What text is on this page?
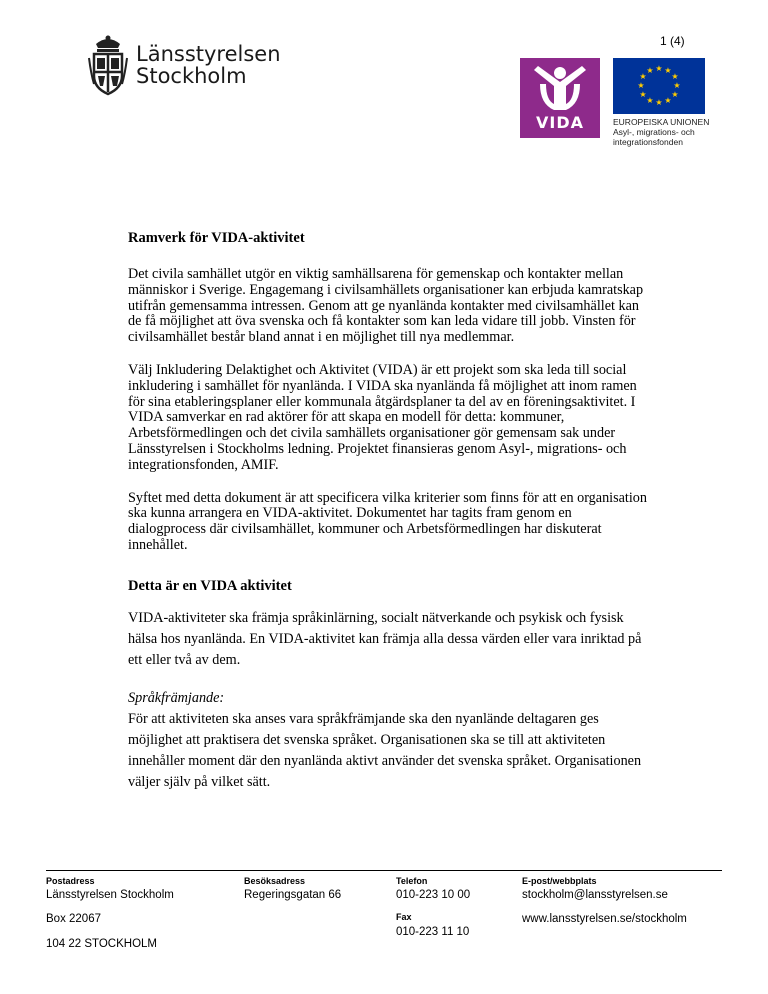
1 (4)
Länsstyrelsen
Stockholm
VIDA
★ ★
★
★
★
★
★
★
★
★
★
★
EUROPEISKA UNIONEN
Asyl-, migrations- och
integrationsfonden
Ramverk för VIDA-aktivitet

Det civila samhället utgör en viktig samhällsarena för gemenskap och kontakter mellan människor i Sverige. Engagemang i civilsamhällets organisationer kan erbjuda kamratskap utifrån gemensamma intressen. Genom att ge nyanlända kontakter med civilsamhället kan de få möjlighet att öva svenska och få kontakter som kan leda vidare till jobb. Vinsten för civilsamhället består bland annat i en möjlighet till nya medlemmar.

Välj Inkludering Delaktighet och Aktivitet (VIDA) är ett projekt som ska leda till social inkludering i samhället för nyanlända. I VIDA ska nyanlända få möjlighet att inom ramen för sina etableringsplaner eller kommunala åtgärdsplaner ta del av en föreningsaktivitet. I VIDA samverkar en rad aktörer för att skapa en modell för detta: kommuner, Arbetsförmedlingen och det civila samhällets organisationer gör gemensam sak under Länsstyrelsen i Stockholms ledning. Projektet finansieras genom Asyl-, migrations- och integrationsfonden, AMIF.

Syftet med detta dokument är att specificera vilka kriterier som finns för att en organisation ska kunna arrangera en VIDA-aktivitet. Dokumentet har tagits fram genom en dialogprocess där civilsamhället, kommuner och Arbetsförmedlingen har diskuterat innehållet.

Detta är en VIDA aktivitet

VIDA-aktiviteter ska främja språkinlärning, socialt nätverkande och psykisk och fysisk hälsa hos nyanlända. En VIDA-aktivitet kan främja alla dessa värden eller vara inriktad på ett eller två av dem.

Språkfrämjande:
För att aktiviteten ska anses vara språkfrämjande ska den nyanlände deltagaren ges möjlighet att praktisera det svenska språket. Organisationen ska se till att aktiviteten innehåller moment där den nyanlända aktivt använder det svenska språket. Organisationen väljer själv på vilket sätt.
Postadress
Länsstyrelsen Stockholm
Box 22067
104 22 STOCKHOLM
Besöksadress
Regeringsgatan 66
Telefon
010-223 10 00
Fax
010-223 11 10
E-post/webbplats
stockholm@lansstyrelsen.se
www.lansstyrelsen.se/stockholm
